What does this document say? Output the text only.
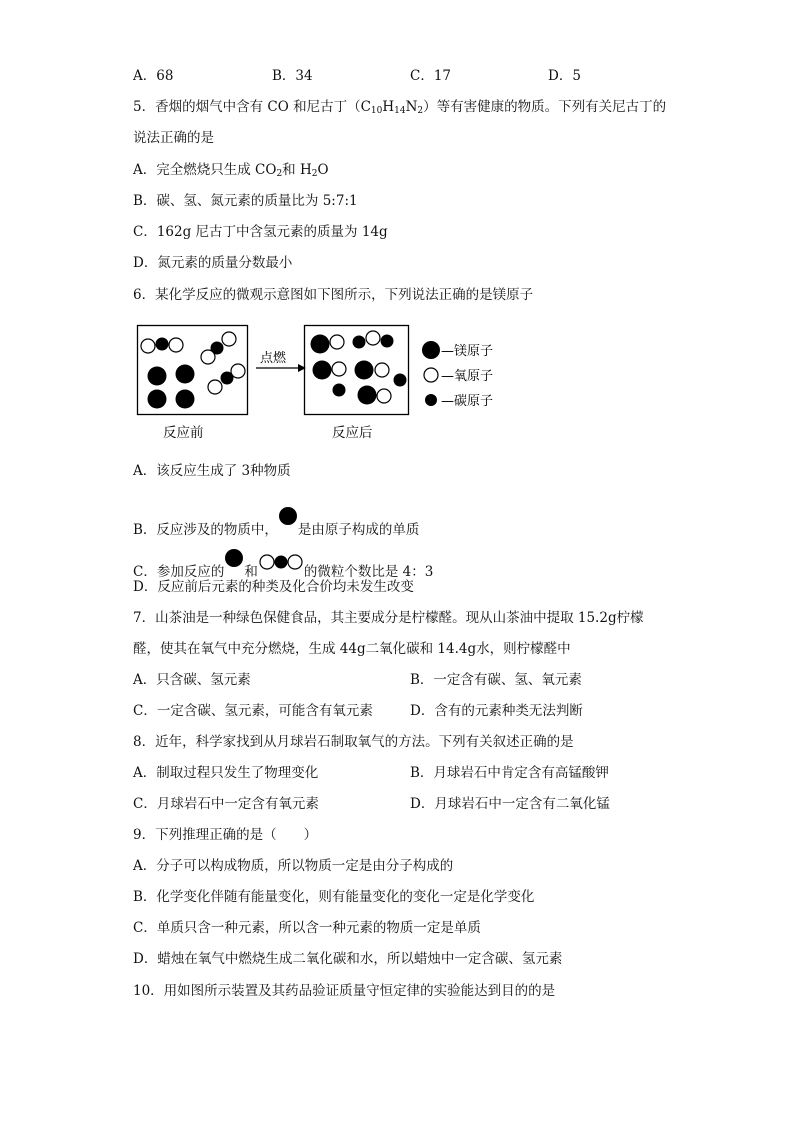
A．68	B．34	C．17	D．5
5．香烟的烟气中含有 CO 和尼古丁$(C_{10}H_{14}N_2)$等有害健康的物质。下列有关尼古丁的
说法正确的是
A．完全燃烧只生成 $CO_2$和 $H_2O$
B．碳、氢、氮元素的质量比为 5:7:1
C．162g 尼古丁中含氢元素的质量为 14g
D．氮元素的质量分数最小
6．某化学反应的微观示意图如下图所示，下列说法正确的是镁原子
点燃	—镁原子
—氧原子
—碳原子
反应前	反应后
A．该反应生成了 3种物质
B．反应涉及的物质中， 是由原子构成的单质
C．参加反应的 和	的微粒个数比是 4：3
D．反应前后元素的种类及化合价均未发生改变
7．山茶油是一种绿色保健食品，其主要成分是柠檬醛。现从山茶油中提取 15.2g柠檬
醛，使其在氧气中充分燃烧，生成 44g二氧化碳和 14.4g水，则柠檬醛中
A．只含碳、氢元素	B．一定含有碳、氢、氧元素
C．一定含碳、氢元素，可能含有氧元素	D．含有的元素种类无法判断
8．近年，科学家找到从月球岩石制取氧气的方法。下列有关叙述正确的是
A．制取过程只发生了物理变化	B．月球岩石中肯定含有高锰酸钾
C．月球岩石中一定含有氧元素	D．月球岩石中一定含有二氧化锰
9．下列推理正确的是（　　）
A．分子可以构成物质，所以物质一定是由分子构成的
B．化学变化伴随有能量变化，则有能量变化的变化一定是化学变化
C．单质只含一种元素，所以含一种元素的物质一定是单质
D．蜡烛在氧气中燃烧生成二氧化碳和水，所以蜡烛中一定含碳、氢元素
10．用如图所示装置及其药品验证质量守恒定律的实验能达到目的的是
